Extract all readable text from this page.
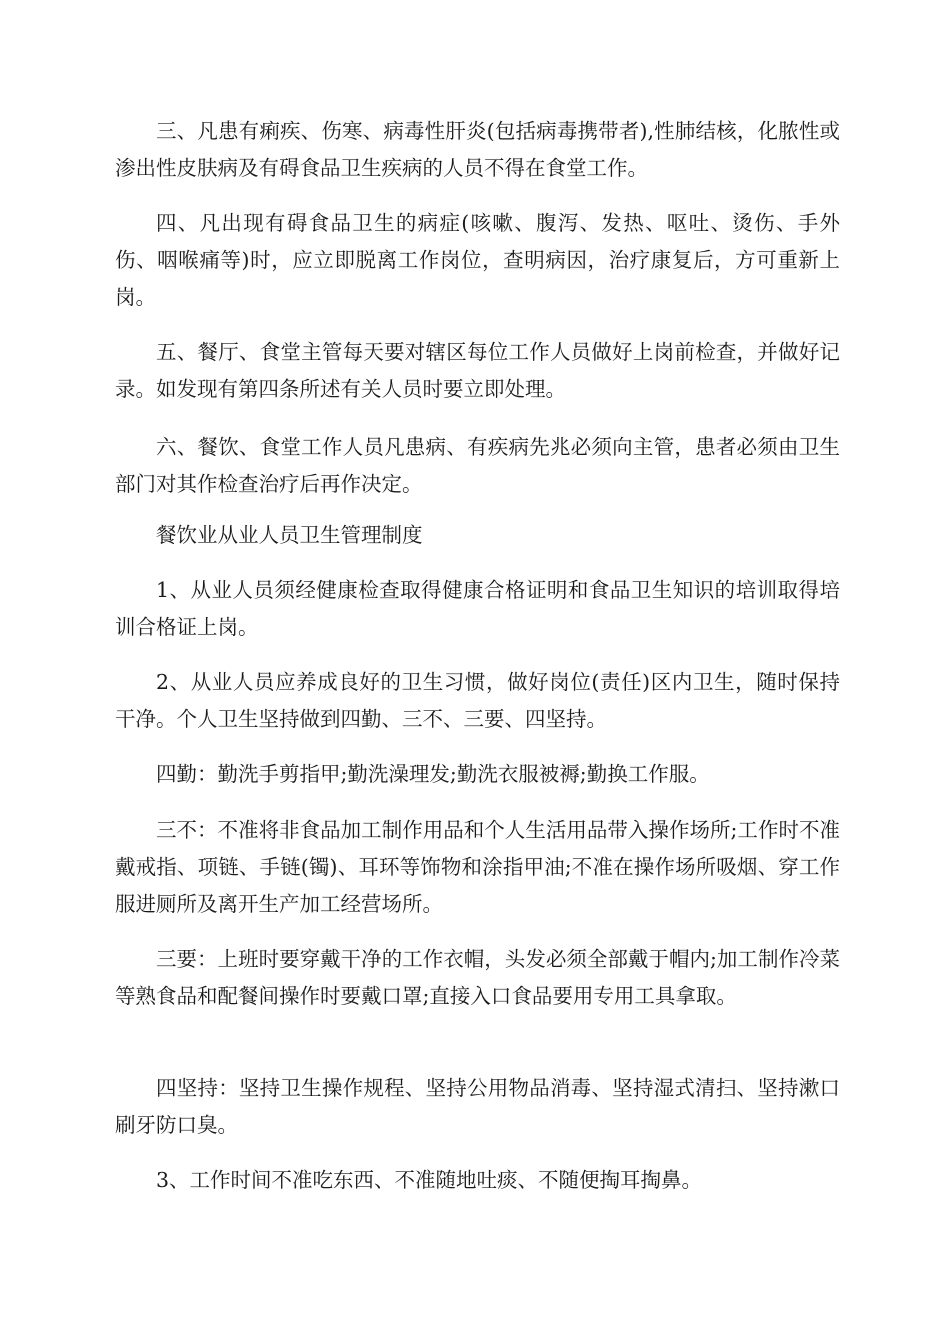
三、凡患有痢疾、伤寒、病毒性肝炎(包括病毒携带者),性肺结核，化脓性或渗出性皮肤病及有碍食品卫生疾病的人员不得在食堂工作。

四、凡出现有碍食品卫生的病症(咳嗽、腹泻、发热、呕吐、烫伤、手外伤、咽喉痛等)时，应立即脱离工作岗位，查明病因，治疗康复后，方可重新上岗。

五、餐厅、食堂主管每天要对辖区每位工作人员做好上岗前检查，并做好记录。如发现有第四条所述有关人员时要立即处理。

六、餐饮、食堂工作人员凡患病、有疾病先兆必须向主管，患者必须由卫生部门对其作检查治疗后再作决定。

餐饮业从业人员卫生管理制度

1、从业人员须经健康检查取得健康合格证明和食品卫生知识的培训取得培训合格证上岗。

2、从业人员应养成良好的卫生习惯，做好岗位(责任)区内卫生，随时保持干净。个人卫生坚持做到四勤、三不、三要、四坚持。

四勤：勤洗手剪指甲;勤洗澡理发;勤洗衣服被褥;勤换工作服。

三不：不准将非食品加工制作用品和个人生活用品带入操作场所;工作时不准戴戒指、项链、手链(镯)、耳环等饰物和涂指甲油;不准在操作场所吸烟、穿工作服进厕所及离开生产加工经营场所。

三要：上班时要穿戴干净的工作衣帽，头发必须全部戴于帽内;加工制作冷菜等熟食品和配餐间操作时要戴口罩;直接入口食品要用专用工具拿取。

四坚持：坚持卫生操作规程、坚持公用物品消毒、坚持湿式清扫、坚持漱口刷牙防口臭。

3、工作时间不准吃东西、不准随地吐痰、不随便掏耳掏鼻。
